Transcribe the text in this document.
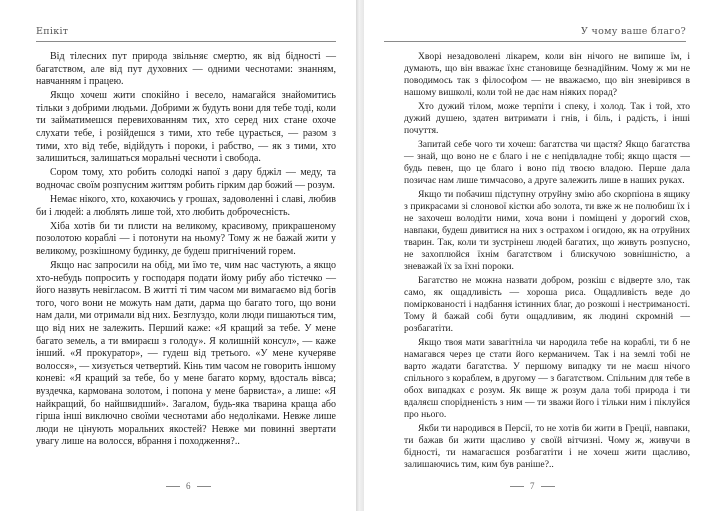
Епікіт

Від тілесних пут природа звільняє смертю, як від бідності — багатством, але від пут духовних — одними чеснотами: знанням, навчанням і працею.

Якщо хочеш жити спокійно і весело, намагайся знайомитись тільки з добрими людьми. Добрими ж будуть вони для тебе тоді, коли ти займатимешся перевихованням тих, хто серед них стане охоче слухати тебе, і розійдешся з тими, хто тебе цурається, — разом з тими, хто від тебе, відійдуть і пороки, і рабство, — як з тими, хто залишиться, залишаться моральні чесноти і свобода.

Сором тому, хто робить солодкі напої з дару бджіл — меду, та водночас своїм розпусним життям робить гірким дар божий — розум.

Немає нікого, хто, кохаючись у грошах, задоволенні і славі, любив би і людей: а люблять лише той, хто любить доброчесність.

Хіба хотів би ти плисти на великому, красивому, прикрашеному позолотою кораблі — і потонути на ньому? Тому ж не бажай жити у великому, розкішному будинку, де будеш пригнічений горем.

Якщо нас запросили на обід, ми їмо те, чим нас частують, а якщо хто-небудь попросить у господаря подати йому рибу або тістечко — його назвуть невігласом. В житті ті тим часом ми вимагаємо від богів того, чого вони не можуть нам дати, дарма що багато того, що вони нам дали, ми отримали від них. Безглуздо, коли люди пишаються тим, що від них не залежить. Перший каже: «Я кращий за тебе. У мене багато земель, а ти вмираєш з голоду». Я колишній консул», — каже інший. «Я прокуратор», — гудеш від третього. «У мене кучеряве волосся», — хизується четвертий. Кінь тим часом не говорить іншому коневі: «Я кращий за тебе, бо у мене багато корму, вдосталь вівса; вуздечка, кармована золотом, і попона у мене барвиста», а лише: «Я найкращий, бо найшвидший». Загалом, будь-яка тварина краща або гірша інші виключно своїми чеснотами або недоліками. Невже лише люди не цінують моральних якостей? Невже ми повинні звертати увагу лише на волосся, вбрання і походження?..

6
У чому ваше благо?

Хворі незадоволені лікарем, коли він нічого не випише їм, і думають, що він вважає їхнє становище безнадійним. Чому ж ми не поводимось так з філософом — не вважаємо, що він зневірився в нашому вишколі, коли той не дає нам ніяких порад?

Хто дужий тілом, може терпіти і спеку, і холод. Так і той, хто дужий душею, здатен витримати і гнів, і біль, і радість, і інші почуття.

Запитай себе чого ти хочеш: багатства чи щастя? Якщо багатства — знай, що воно не є благо і не є непідвладне тобі; якщо щастя — будь певен, що це благо і воно під твоєю владою. Перше дала позичає нам лише тимчасово, а друге залежить лише в наших руках.

Якщо ти побачиш підступну отруйну змію або скорпіона в ящику з прикрасами зі слонової кістки або золота, ти вже ж не полюбиш їх і не захочеш володіти ними, хоча вони і поміщені у дорогий схов, навпаки, будеш дивитися на них з острахом і огидою, як на отруйних тварин. Так, коли ти зустрінеш людей багатих, що живуть розпусно, не захоплюйся їхнім багатством і блискучою зовнішністю, а зневажай їх за їхні пороки.

Багатство не можна назвати добром, розкіш є відверте зло, так само, як ощадливість — хороша риса. Ощадливість веде до поміркованості і надбання істинних благ, до розкоші і нестриманості. Тому й бажай собі бути ощадливим, як людині скромній — розбагатіти.

Якщо твоя мати завагітніла чи народила тебе на кораблі, ти б не намагався через це стати його керманичем. Так і на землі тобі не варто жадати багатства. У першому випадку ти не маєш нічого спільного з кораблем, в другому — з багатством. Спільним для тебе в обох випадках є розум. Як вище ж розум дала тобі природа і ти вдаляєш спорідненість з ним — ти зважи його і тільки ним і піклуйся про нього.

Якби ти народився в Персії, то не хотів би жити в Греції, навпаки, ти бажав би жити щасливо у своїй вітчизні. Чому ж, живучи в бідності, ти намагаєшся розбагатіти і не хочеш жити щасливо, залишаючись тим, ким був раніше?..

7
